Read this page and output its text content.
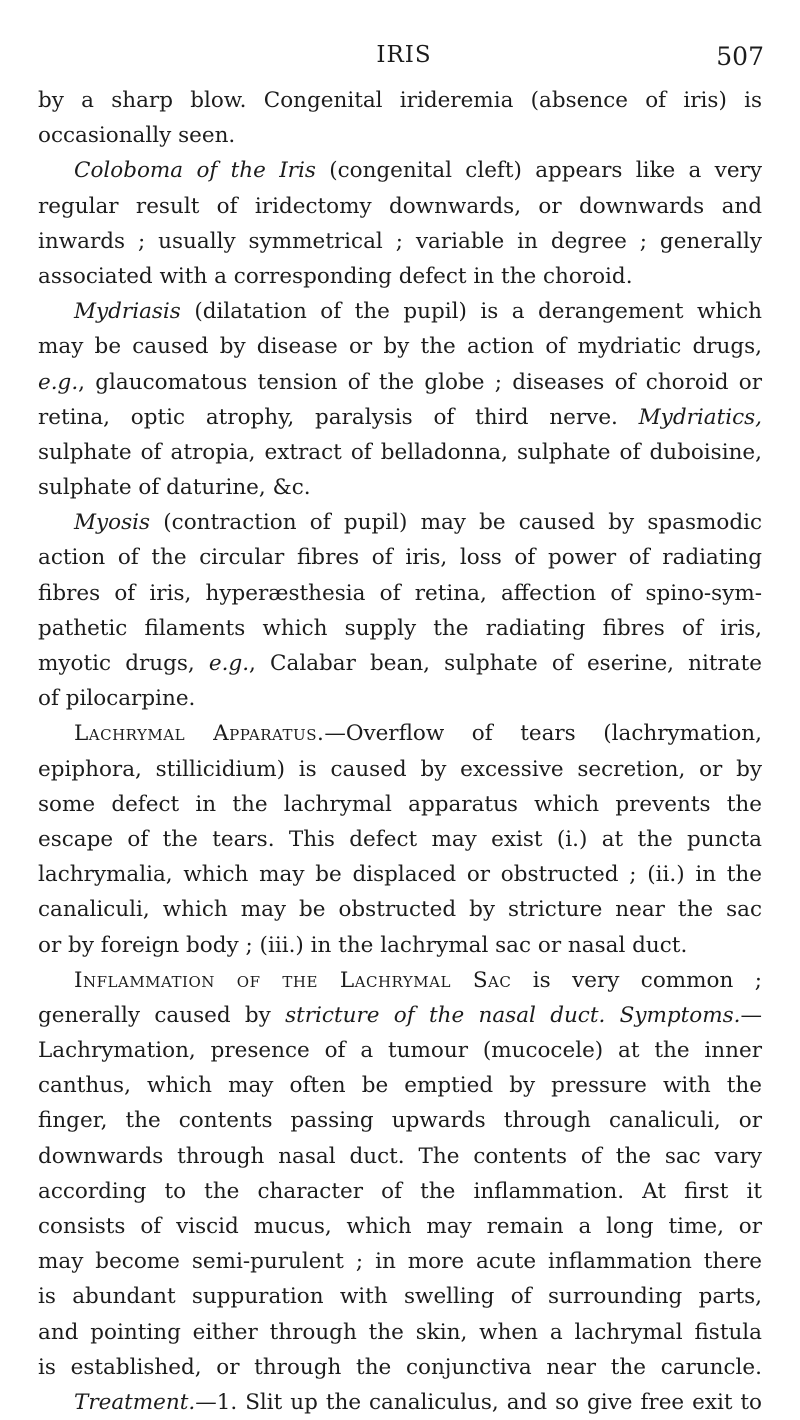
IRIS	507
by a sharp blow. Congenital irideremia (absence of iris) is
occasionally seen.
Coloboma of the Iris (congenital cleft) appears like a very
regular result of iridectomy downwards, or downwards and
inwards ; usually symmetrical ; variable in degree ; generally
associated with a corresponding defect in the choroid.
Mydriasis (dilatation of the pupil) is a derangement which
may be caused by disease or by the action of mydriatic drugs,
e.g., glaucomatous tension of the globe ; diseases of choroid or
retina, optic atrophy, paralysis of third nerve. Mydriatics,
sulphate of atropia, extract of belladonna, sulphate of duboisine,
sulphate of daturine, &c.
Myosis (contraction of pupil) may be caused by spasmodic
action of the circular fibres of iris, loss of power of radiating
fibres of iris, hyperæsthesia of retina, affection of spino-sym-
pathetic filaments which supply the radiating fibres of iris,
myotic drugs, e.g., Calabar bean, sulphate of eserine, nitrate
of pilocarpine.
Lachrymal Apparatus.—Overflow of tears (lachrymation,
epiphora, stillicidium) is caused by excessive secretion, or by
some defect in the lachrymal apparatus which prevents the
escape of the tears. This defect may exist (i.) at the puncta
lachrymalia, which may be displaced or obstructed ; (ii.) in the
canaliculi, which may be obstructed by stricture near the sac
or by foreign body ; (iii.) in the lachrymal sac or nasal duct.
Inflammation of the Lachrymal Sac is very common ;
generally caused by stricture of the nasal duct. Symptoms.—
Lachrymation, presence of a tumour (mucocele) at the inner
canthus, which may often be emptied by pressure with the
finger, the contents passing upwards through canaliculi, or
downwards through nasal duct. The contents of the sac vary
according to the character of the inflammation. At first it
consists of viscid mucus, which may remain a long time, or
may become semi-purulent ; in more acute inflammation there
is abundant suppuration with swelling of surrounding parts,
and pointing either through the skin, when a lachrymal fistula
is established, or through the conjunctiva near the caruncle.
Treatment.—1. Slit up the canaliculus, and so give free exit to
